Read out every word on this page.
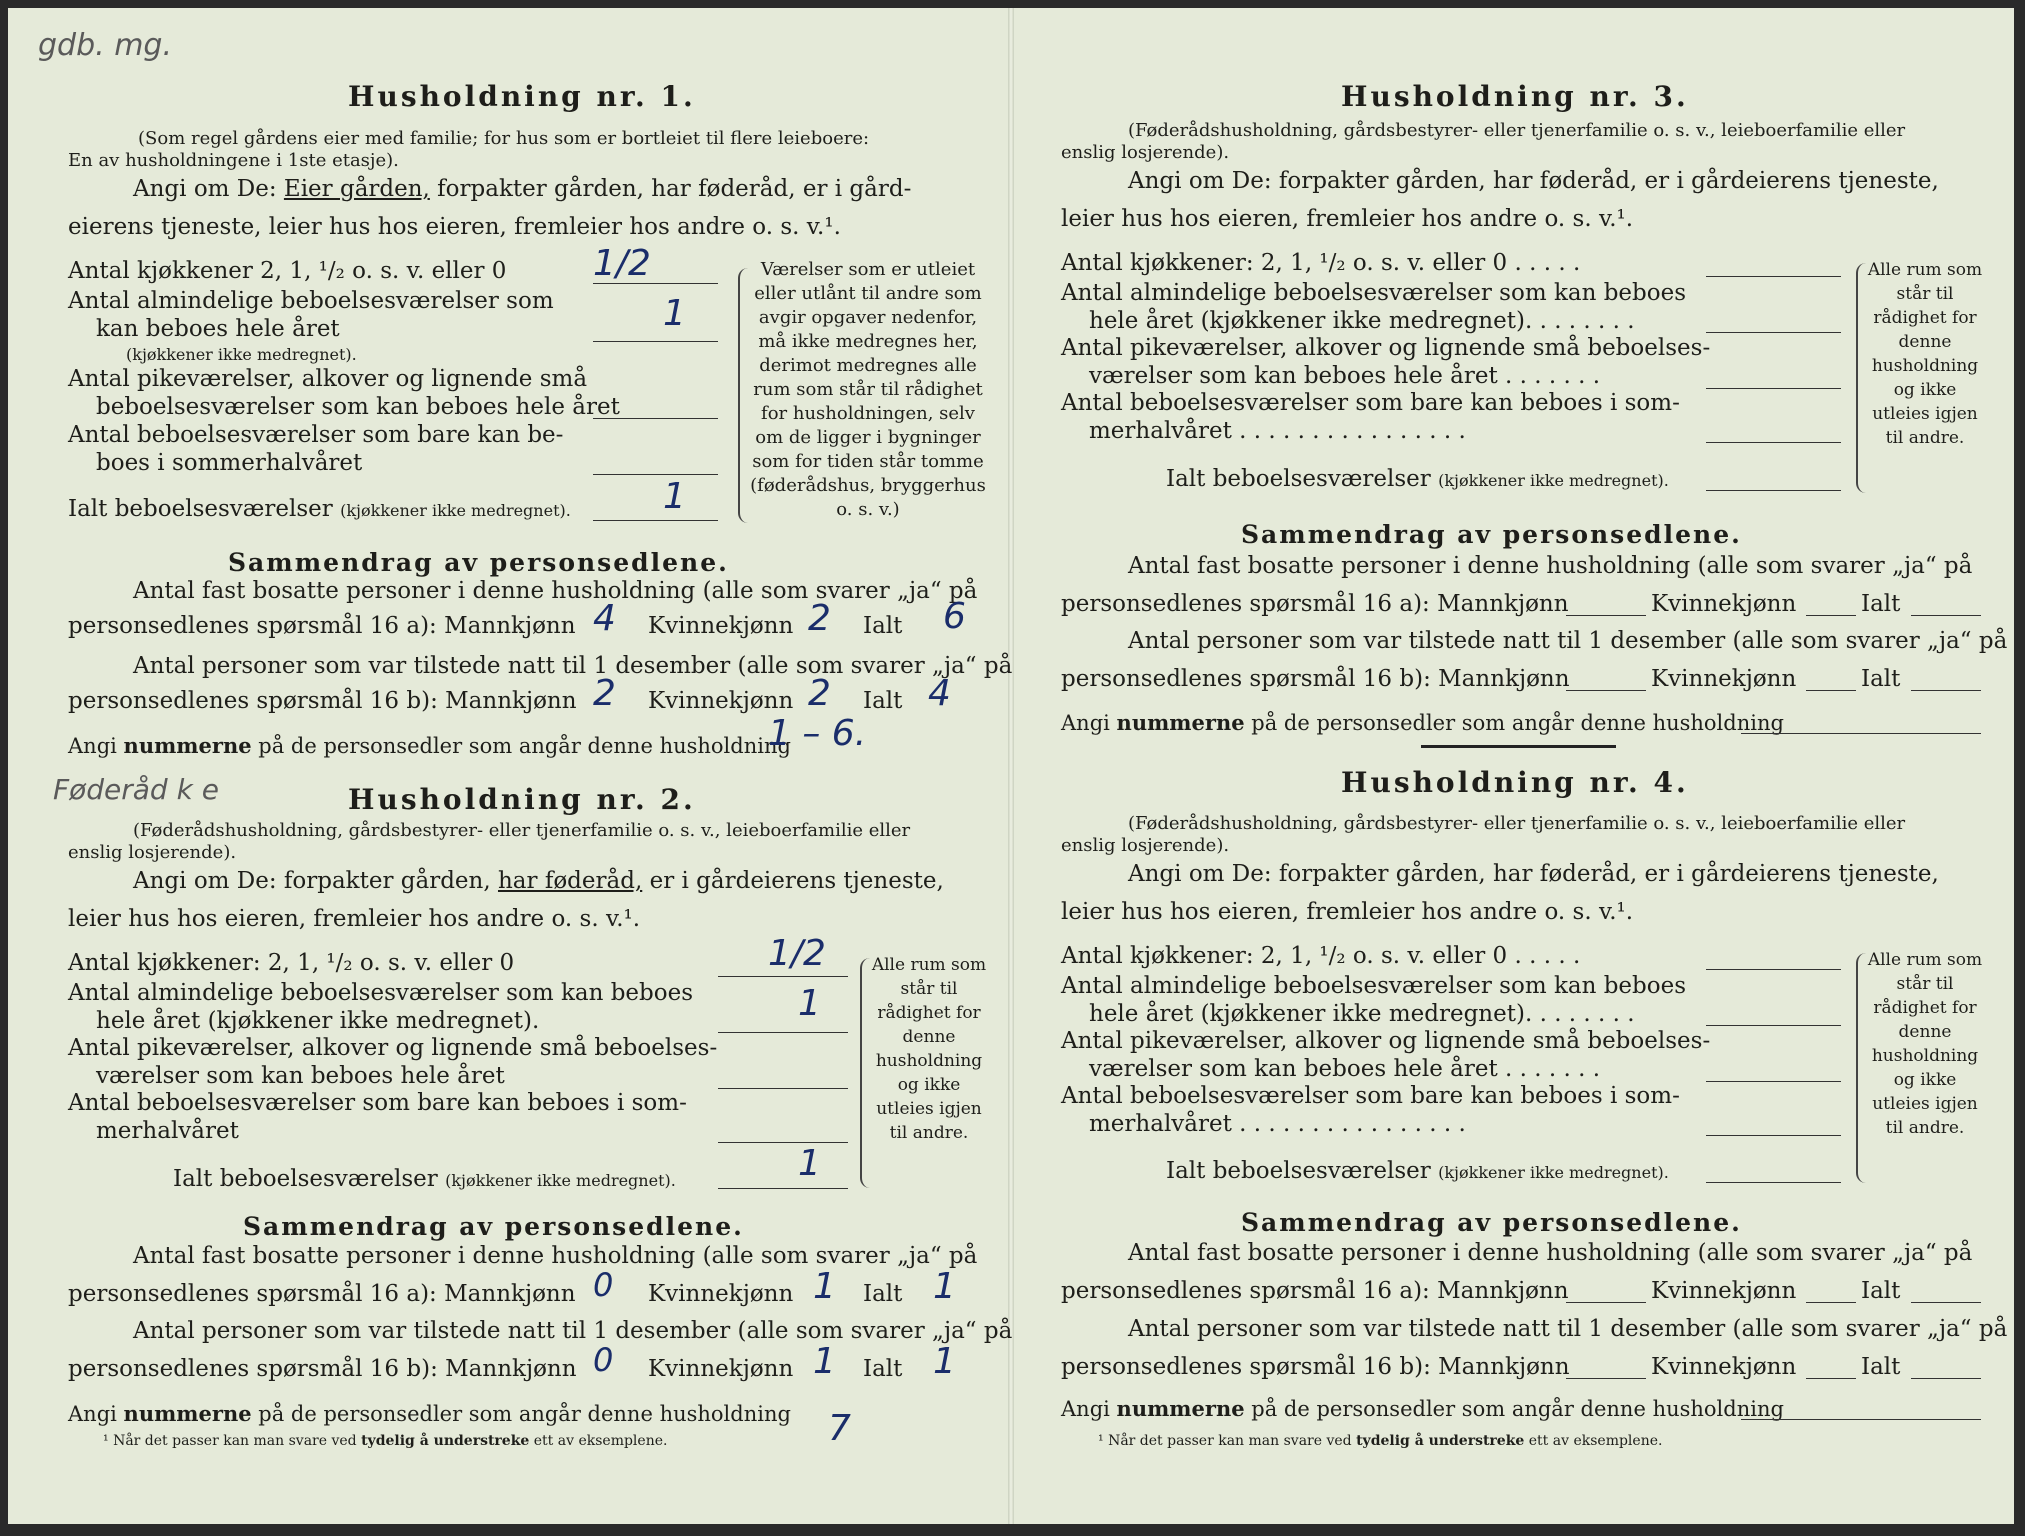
gdb. mg.
Husholdning nr. 1.
(Som regel gårdens eier med familie; for hus som er bortleiet til flere leieboere:
En av husholdningene i 1ste etasje).
Angi om De: Eier gården, forpakter gården, har føderåd, er i gård-
eierens tjeneste, leier hus hos eieren, fremleier hos andre o. s. v.¹.
Antal kjøkkener 2, 1, ¹/₂ o. s. v. eller 0 1/2
Antal almindelige beboelsesværelser som
kan beboes hele året
(kjøkkener ikke medregnet).
1
Antal pikeværelser, alkover og lignende små
beboelsesværelser som kan beboes hele året
Antal beboelsesværelser som bare kan be-
boes i sommerhalvåret
Ialt beboelsesværelser (kjøkkener ikke medregnet).	1
Værelser som er utleiet eller utlånt til andre som avgir opgaver nedenfor, må ikke medregnes her, derimot medregnes alle rum som står til rådighet for husholdningen, selv om de ligger i bygninger som for tiden står tomme (føderådshus, bryggerhus o. s. v.)
Sammendrag av personsedlene.
Antal fast bosatte personer i denne husholdning (alle som svarer „ja“ på
personsedlenes spørsmål 16 a): Mannkjønn 4 Kvinnekjønn 2 Ialt 6
Antal personer som var tilstede natt til 1 desember (alle som svarer „ja“ på
personsedlenes spørsmål 16 b): Mannkjønn 2 Kvinnekjønn 2 Ialt 4
Angi nummerne på de personsedler som angår denne husholdning
1 – 6.
Føderåd k e	Husholdning nr. 2.
(Føderådshusholdning, gårdsbestyrer- eller tjenerfamilie o. s. v., leieboerfamilie eller
enslig losjerende).
Angi om De: forpakter gården, har føderåd, er i gårdeierens tjeneste,
leier hus hos eieren, fremleier hos andre o. s. v.¹.
Antal kjøkkener: 2, 1, ¹/₂ o. s. v. eller 0	1/2
Antal almindelige beboelsesværelser som kan beboes
hele året (kjøkkener ikke medregnet).	1
Antal pikeværelser, alkover og lignende små beboelses-
værelser som kan beboes hele året
Antal beboelsesværelser som bare kan beboes i som-
merhalvåret
Ialt beboelsesværelser (kjøkkener ikke medregnet).	1
Alle rum som står til rådighet for denne husholdning og ikke utleies igjen til andre.
Sammendrag av personsedlene.
Antal fast bosatte personer i denne husholdning (alle som svarer „ja“ på
personsedlenes spørsmål 16 a): Mannkjønn 0 Kvinnekjønn 1 Ialt 1
Antal personer som var tilstede natt til 1 desember (alle som svarer „ja“ på
personsedlenes spørsmål 16 b): Mannkjønn 0 Kvinnekjønn 1 Ialt 1
Angi nummerne på de personsedler som angår denne husholdning 7
¹ Når det passer kan man svare ved tydelig å understreke ett av eksemplene.
Husholdning nr. 3.
(Føderådshusholdning, gårdsbestyrer- eller tjenerfamilie o. s. v., leieboerfamilie eller
enslig losjerende).
Angi om De: forpakter gården, har føderåd, er i gårdeierens tjeneste,
leier hus hos eieren, fremleier hos andre o. s. v.¹.
Antal kjøkkener: 2, 1, ¹/₂ o. s. v. eller 0 . . . . .
Antal almindelige beboelsesværelser som kan beboes
hele året (kjøkkener ikke medregnet). . . . . . . .
Antal pikeværelser, alkover og lignende små beboelses-
værelser som kan beboes hele året . . . . . . .
Antal beboelsesværelser som bare kan beboes i som-
merhalvåret . . . . . . . . . . . . . . . .
Ialt beboelsesværelser (kjøkkener ikke medregnet).
Alle rum som står til rådighet for denne husholdning og ikke utleies igjen til andre.
Sammendrag av personsedlene.
Antal fast bosatte personer i denne husholdning (alle som svarer „ja“ på
personsedlenes spørsmål 16 a): Mannkjønn	Kvinnekjønn	Ialt
Antal personer som var tilstede natt til 1 desember (alle som svarer „ja“ på
personsedlenes spørsmål 16 b): Mannkjønn	Kvinnekjønn	Ialt
Angi nummerne på de personsedler som angår denne husholdning
Husholdning nr. 4.
(Føderådshusholdning, gårdsbestyrer- eller tjenerfamilie o. s. v., leieboerfamilie eller
enslig losjerende).
Angi om De: forpakter gården, har føderåd, er i gårdeierens tjeneste,
leier hus hos eieren, fremleier hos andre o. s. v.¹.
Antal kjøkkener: 2, 1, ¹/₂ o. s. v. eller 0 . . . . .
Antal almindelige beboelsesværelser som kan beboes
hele året (kjøkkener ikke medregnet). . . . . . . .
Antal pikeværelser, alkover og lignende små beboelses-
værelser som kan beboes hele året . . . . . . .
Antal beboelsesværelser som bare kan beboes i som-
merhalvåret . . . . . . . . . . . . . . . .
Ialt beboelsesværelser (kjøkkener ikke medregnet).
Alle rum som står til rådighet for denne husholdning og ikke utleies igjen til andre.
Sammendrag av personsedlene.
Antal fast bosatte personer i denne husholdning (alle som svarer „ja“ på
personsedlenes spørsmål 16 a): Mannkjønn	Kvinnekjønn	Ialt
Antal personer som var tilstede natt til 1 desember (alle som svarer „ja“ på
personsedlenes spørsmål 16 b): Mannkjønn	Kvinnekjønn	Ialt
Angi nummerne på de personsedler som angår denne husholdning
¹ Når det passer kan man svare ved tydelig å understreke ett av eksemplene.
